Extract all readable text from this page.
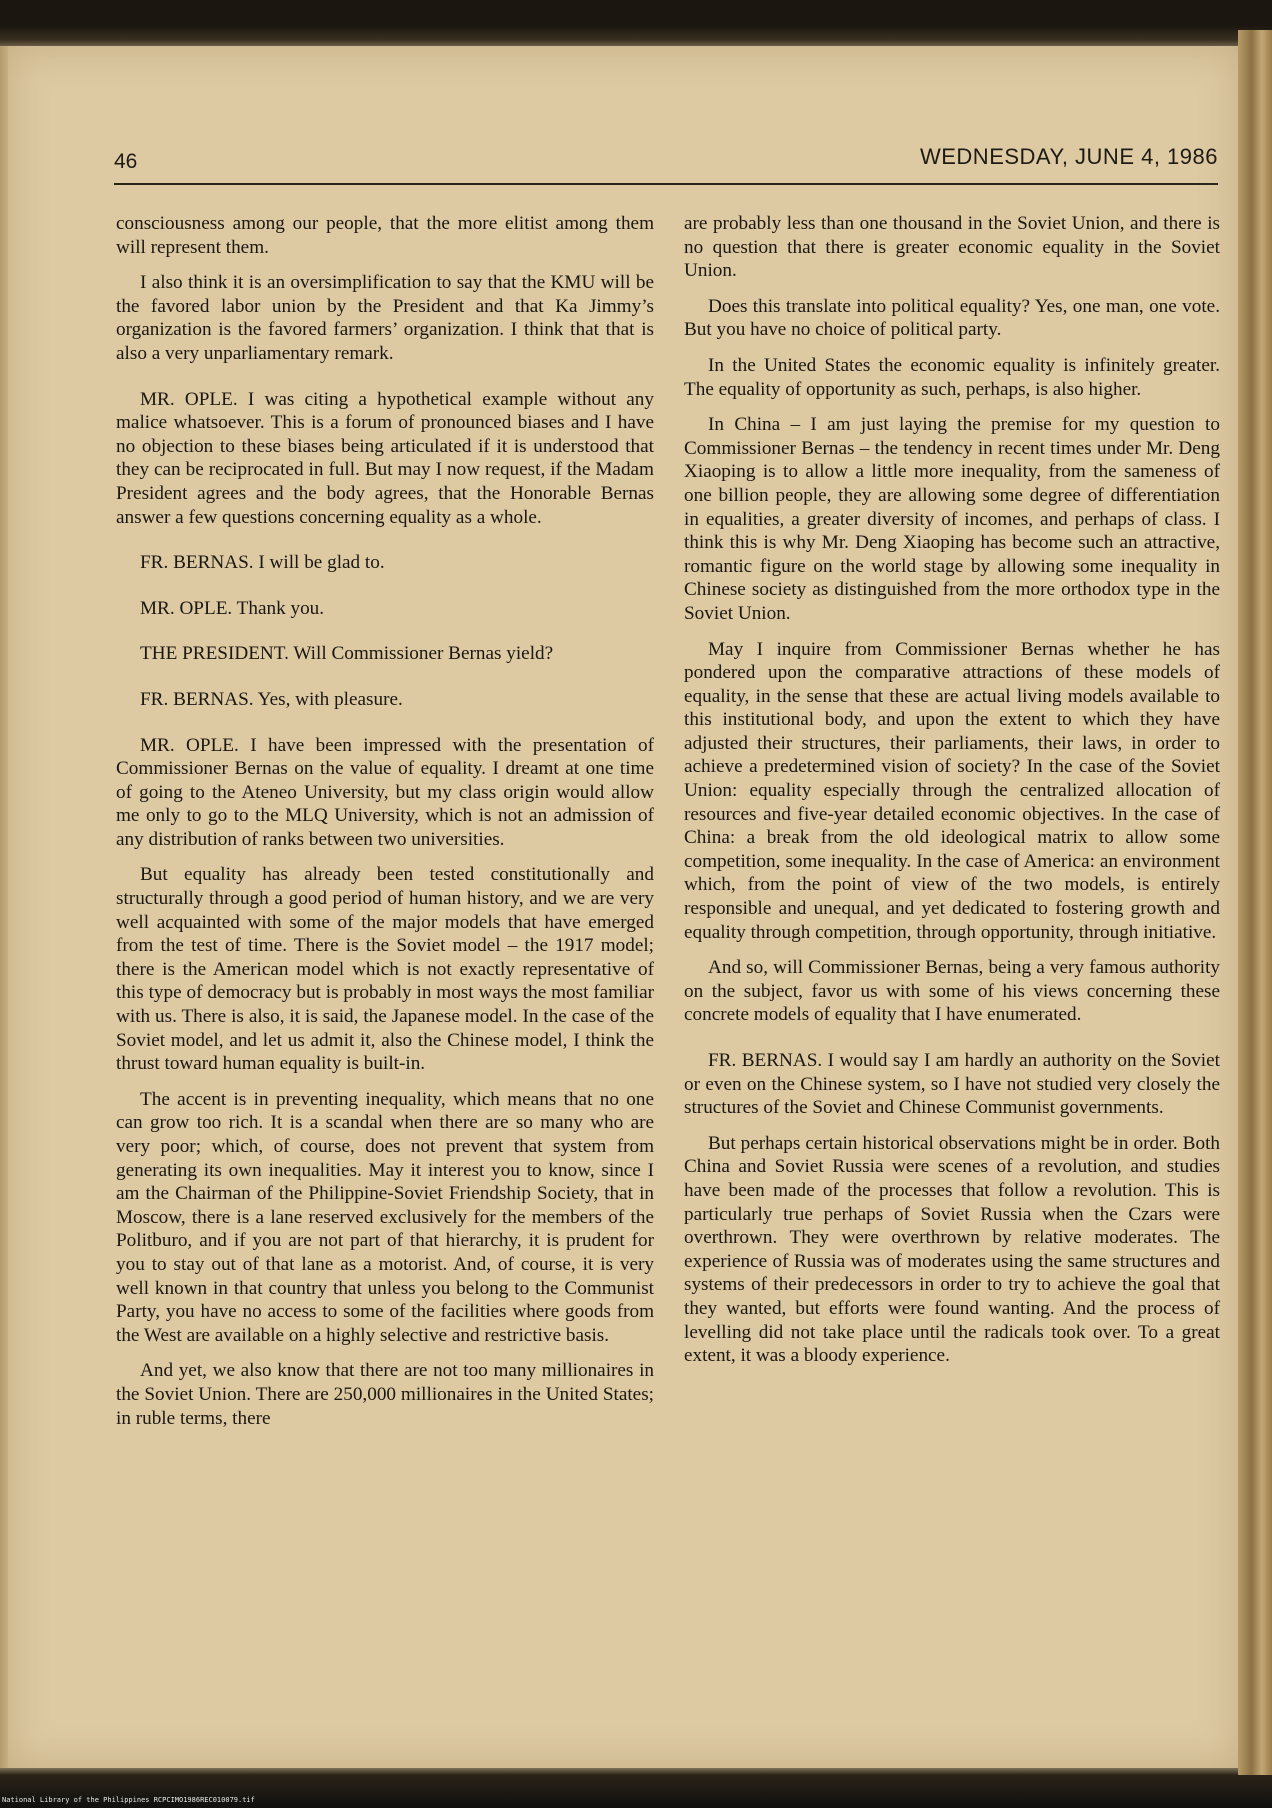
46	WEDNESDAY, JUNE 4, 1986

consciousness among our people, that the more elitist among them will represent them.

I also think it is an oversimplification to say that the KMU will be the favored labor union by the President and that Ka Jimmy’s organization is the favored farmers’ organization. I think that that is also a very unparliamentary remark.

MR. OPLE. I was citing a hypothetical example without any malice whatsoever. This is a forum of pronounced biases and I have no objection to these biases being articulated if it is understood that they can be reciprocated in full. But may I now request, if the Madam President agrees and the body agrees, that the Honorable Bernas answer a few questions concerning equality as a whole.

FR. BERNAS. I will be glad to.

MR. OPLE. Thank you.

THE PRESIDENT. Will Commissioner Bernas yield?

FR. BERNAS. Yes, with pleasure.

MR. OPLE. I have been impressed with the presentation of Commissioner Bernas on the value of equality. I dreamt at one time of going to the Ateneo University, but my class origin would allow me only to go to the MLQ University, which is not an admission of any distribution of ranks between two universities.

But equality has already been tested constitutionally and structurally through a good period of human history, and we are very well acquainted with some of the major models that have emerged from the test of time. There is the Soviet model – the 1917 model; there is the American model which is not exactly representative of this type of democracy but is probably in most ways the most familiar with us. There is also, it is said, the Japanese model. In the case of the Soviet model, and let us admit it, also the Chinese model, I think the thrust toward human equality is built-in.

The accent is in preventing inequality, which means that no one can grow too rich. It is a scandal when there are so many who are very poor; which, of course, does not prevent that system from generating its own inequalities. May it interest you to know, since I am the Chairman of the Philippine-Soviet Friendship Society, that in Moscow, there is a lane reserved exclusively for the members of the Politburo, and if you are not part of that hierarchy, it is prudent for you to stay out of that lane as a motorist. And, of course, it is very well known in that country that unless you belong to the Communist Party, you have no access to some of the facilities where goods from the West are available on a highly selective and restrictive basis.

And yet, we also know that there are not too many millionaires in the Soviet Union. There are 250,000 millionaires in the United States; in ruble terms, there

are probably less than one thousand in the Soviet Union, and there is no question that there is greater economic equality in the Soviet Union.

Does this translate into political equality? Yes, one man, one vote. But you have no choice of political party.

In the United States the economic equality is infinitely greater. The equality of opportunity as such, perhaps, is also higher.

In China – I am just laying the premise for my question to Commissioner Bernas – the tendency in recent times under Mr. Deng Xiaoping is to allow a little more inequality, from the sameness of one billion people, they are allowing some degree of differentiation in equalities, a greater diversity of incomes, and perhaps of class. I think this is why Mr. Deng Xiaoping has become such an attractive, romantic figure on the world stage by allowing some inequality in Chinese society as distinguished from the more orthodox type in the Soviet Union.

May I inquire from Commissioner Bernas whether he has pondered upon the comparative attractions of these models of equality, in the sense that these are actual living models available to this institutional body, and upon the extent to which they have adjusted their structures, their parliaments, their laws, in order to achieve a predetermined vision of society? In the case of the Soviet Union: equality especially through the centralized allocation of resources and five-year detailed economic objectives. In the case of China: a break from the old ideological matrix to allow some competition, some inequality. In the case of America: an environment which, from the point of view of the two models, is entirely responsible and unequal, and yet dedicated to fostering growth and equality through competition, through opportunity, through initiative.

And so, will Commissioner Bernas, being a very famous authority on the subject, favor us with some of his views concerning these concrete models of equality that I have enumerated.

FR. BERNAS. I would say I am hardly an authority on the Soviet or even on the Chinese system, so I have not studied very closely the structures of the Soviet and Chinese Communist governments.

But perhaps certain historical observations might be in order. Both China and Soviet Russia were scenes of a revolution, and studies have been made of the processes that follow a revolution. This is particularly true perhaps of Soviet Russia when the Czars were overthrown. They were overthrown by relative moderates. The experience of Russia was of moderates using the same structures and systems of their predecessors in order to try to achieve the goal that they wanted, but efforts were found wanting. And the process of levelling did not take place until the radicals took over. To a great extent, it was a bloody experience.

National Library of the Philippines RCPCIMO1986REC010079.tif
